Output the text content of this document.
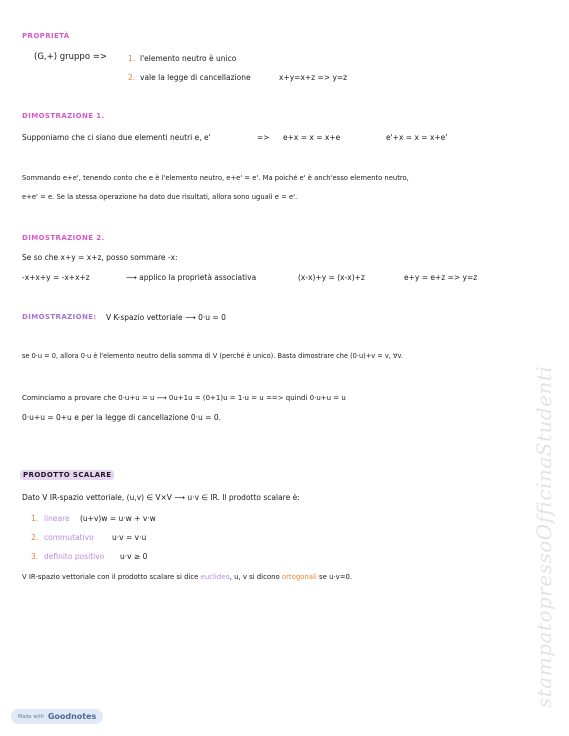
PROPRIETÀ
(G,+) gruppo =>	1. l'elemento neutro è unico
2. vale la legge di cancellazione	x+y=x+z => y=z
DIMOSTRAZIONE 1.
Supponiamo che ci siano due elementi neutri e, e'	=> e+x = x = x+e	e'+x = x = x+e'
Sommando e+e', tenendo conto che e è l'elemento neutro, e+e' = e'. Ma poiché e' è anch'esso elemento neutro,
e+e' = e. Se la stessa operazione ha dato due risultati, allora sono uguali e = e'.
DIMOSTRAZIONE 2.
Se so che x+y = x+z, posso sommare -x:
-x+x+y = -x+x+z	⟶ applico la proprietà associativa	(x-x)+y = (x-x)+z	e+y = e+z => y=z
DIMOSTRAZIONE: V K-spazio vettoriale ⟶ 0·u = 0
se 0·u = 0, allora 0·u è l'elemento neutro della somma di V (perché è unico). Basta dimostrare che (0·u)+v = v, ∀v.
Cominciamo a provare che 0·u+u = u ⟶ 0u+1u = (0+1)u = 1·u = u ==> quindi 0·u+u = u
0·u+u = 0+u e per la legge di cancellazione 0·u = 0.
PRODOTTO SCALARE
Dato V IR-spazio vettoriale, (u,v) ∈ V×V ⟶ u·v ∈ IR. Il prodotto scalare è:
1. lineare (u+v)w = u·w + v·w
2. commutativo u·v = v·u
3. definito positivo u·v ≥ 0
V IR-spazio vettoriale con il prodotto scalare si dice euclideo, u, v si dicono ortogonali se u·v=0.	stampatopressoOfficinaStudenti
Made with Goodnotes
